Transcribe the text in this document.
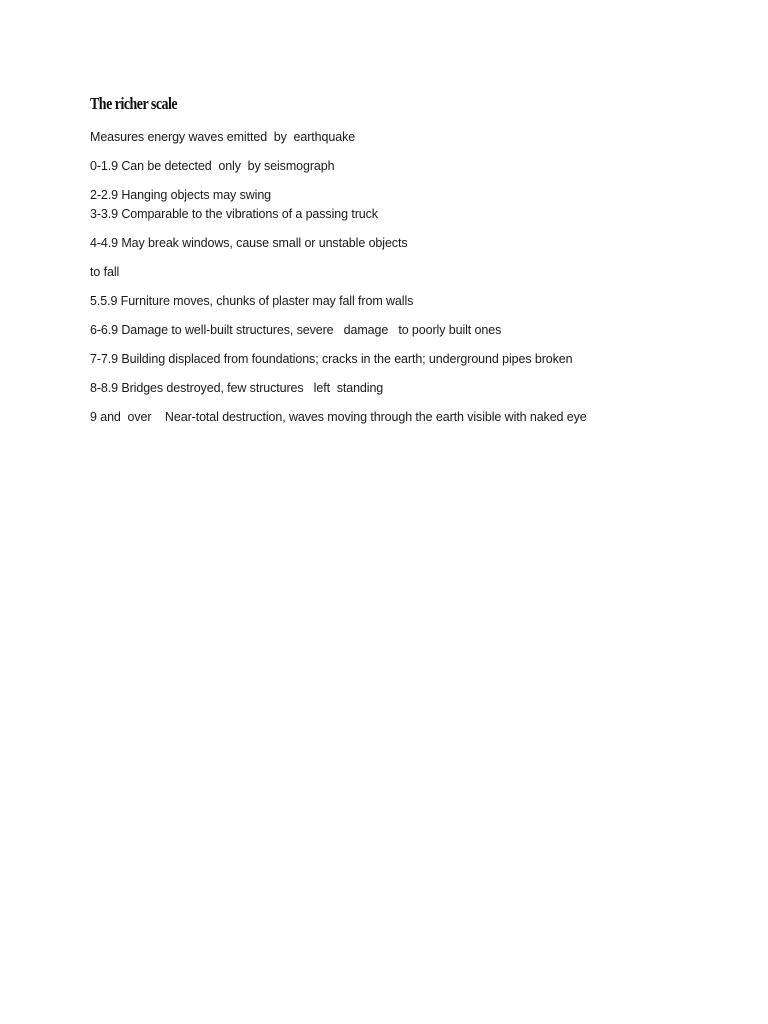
The richer scale

Measures energy waves emitted  by  earthquake

0-1.9 Can be detected  only  by seismograph

2-2.9 Hanging objects may swing

3-3.9 Comparable to the vibrations of a passing truck

4-4.9 May break windows, cause small or unstable objects

to fall

5.5.9 Furniture moves, chunks of plaster may fall from walls

6-6.9 Damage to well-built structures, severe   damage   to poorly built ones

7-7.9 Building displaced from foundations; cracks in the earth; underground pipes broken

8-8.9 Bridges destroyed, few structures   left  standing

9 and  over    Near-total destruction, waves moving through the earth visible with naked eye
